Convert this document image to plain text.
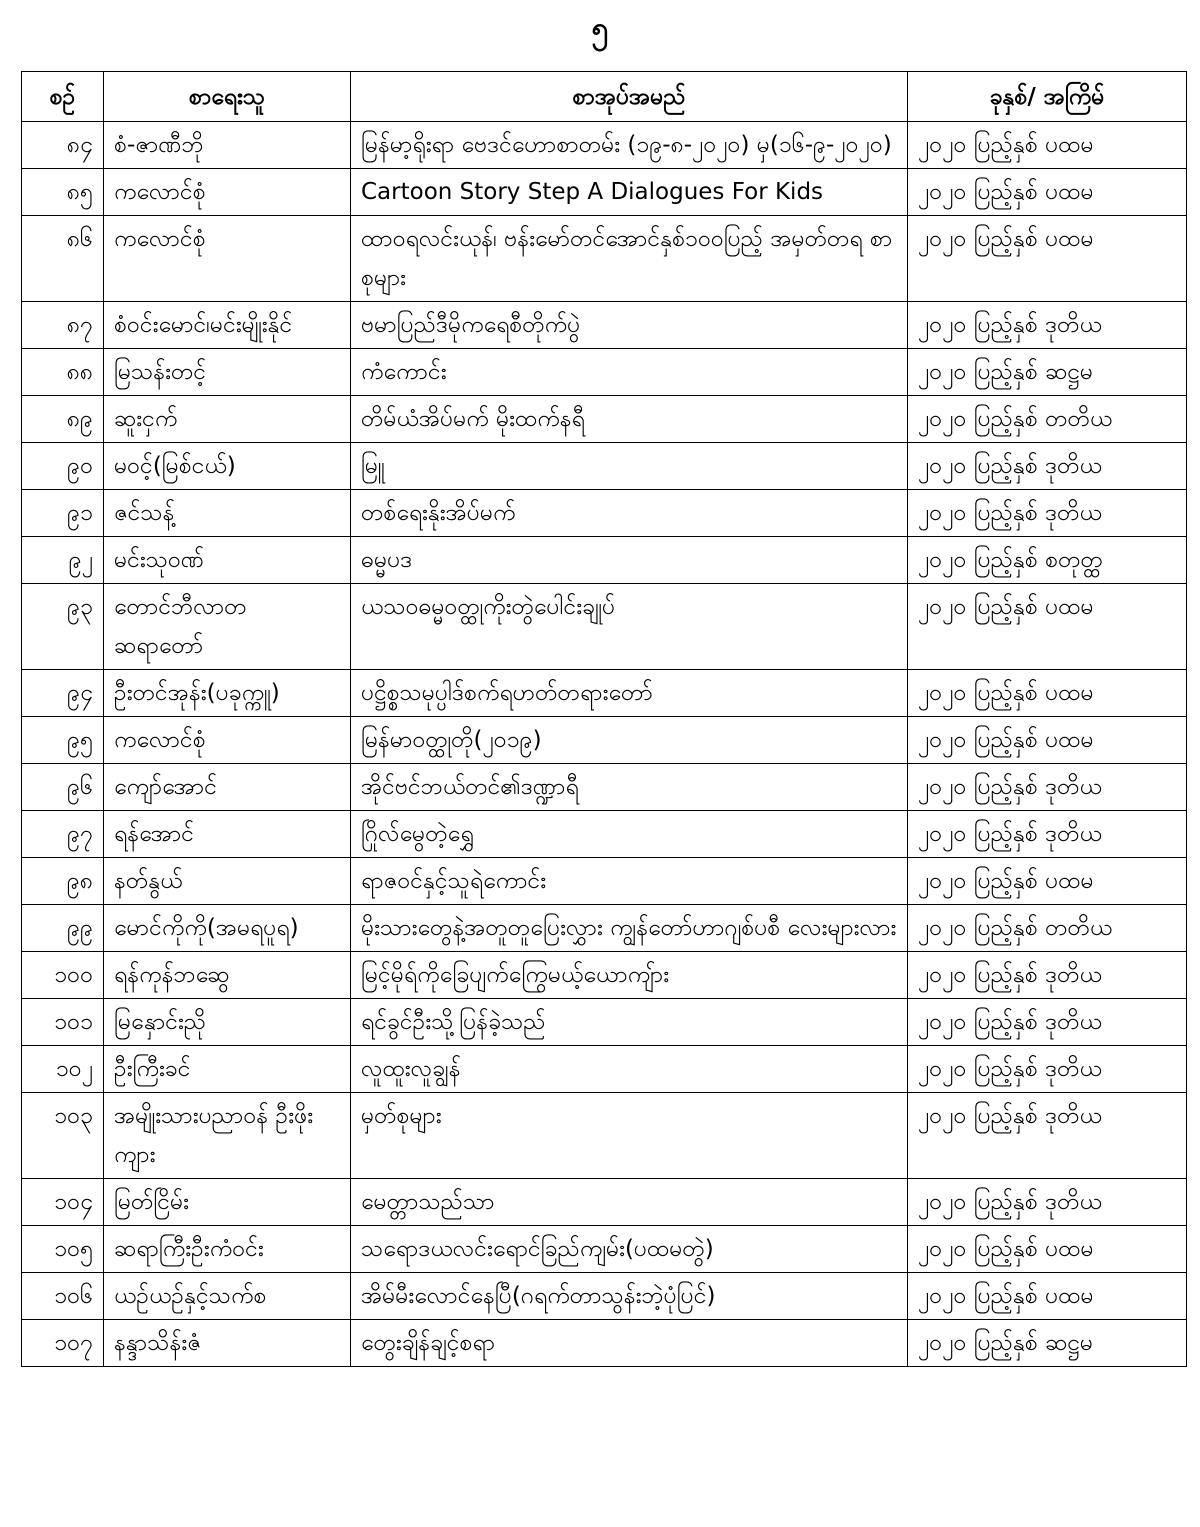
၅
စဉ်	စာရေးသူ	စာအုပ်အမည်	ခုနှစ်/ အကြိမ်
၈၄	စံ-ဇာဏီဘို	မြန်မာ့ရိုးရာ ဗေဒင်ဟောစာတမ်း (၁၉-၈-၂၀၂၀) မှ(၁၆-၉-၂၀၂၀)	၂၀၂၀ ပြည့်နှစ် ပထမ
၈၅	ကလောင်စုံ	Cartoon Story Step A Dialogues For Kids	၂၀၂၀ ပြည့်နှစ် ပထမ
၈၆	ကလောင်စုံ	ထာဝရလင်းယုန်၊ ဗန်းမော်တင်အောင်နှစ်၁၀၀ပြည့် အမှတ်တရ စာစုများ	၂၀၂၀ ပြည့်နှစ် ပထမ
၈၇	စံဝင်းမောင်၊မင်းမျိုးနိုင်	ဗမာပြည်ဒီမိုကရေစီတိုက်ပွဲ	၂၀၂၀ ပြည့်နှစ် ဒုတိယ
၈၈	မြသန်းတင့်	ကံကောင်း	၂၀၂၀ ပြည့်နှစ် ဆဋ္ဌမ
၈၉	ဆူးငှက်	တိမ်ယံအိပ်မက် မိုးထက်နရီ	၂၀၂၀ ပြည့်နှစ် တတိယ
၉၀	မဝင့်(မြစ်ငယ်)	မြူ	၂၀၂၀ ပြည့်နှစ် ဒုတိယ
၉၁	ဇင်သန့်	တစ်ရေးနိုးအိပ်မက်	၂၀၂၀ ပြည့်နှစ် ဒုတိယ
၉၂	မင်းသုဝဏ်	ဓမ္မပဒ	၂၀၂၀ ပြည့်နှစ် စတုတ္ထ
၉၃	တောင်ဘီလာတ ဆရာတော်	ယသဝဓမ္မဝတ္ထုကိုးတွဲပေါင်းချုပ်	၂၀၂၀ ပြည့်နှစ် ပထမ
၉၄	ဦးတင်အုန်း(ပခုက္ကူ)	ပဋ္ဌိစ္စသမုပ္ပါဒ်စက်ရဟတ်တရားတော်	၂၀၂၀ ပြည့်နှစ် ပထမ
၉၅	ကလောင်စုံ	မြန်မာဝတ္ထုတို(၂၀၁၉)	၂၀၂၀ ပြည့်နှစ် ပထမ
၉၆	ကျော်အောင်	အိုင်ဗင်ဘယ်တင်၏ဒဏ္ဍာရီ	၂၀၂၀ ပြည့်နှစ် ဒုတိယ
၉၇	ရန်အောင်	ဂြိုလ်မွေတဲ့ရွှေ	၂၀၂၀ ပြည့်နှစ် ဒုတိယ
၉၈	နတ်နွယ်	ရာဇဝင်နှင့်သူရဲကောင်း	၂၀၂၀ ပြည့်နှစ် ပထမ
၉၉	မောင်ကိုကို(အမရပူရ)	မိုးသားတွေနဲ့အတူတူပြေးလွှား ကျွန်တော်ဟာဂျစ်ပစီ လေးများလား	၂၀၂၀ ပြည့်နှစ် တတိယ
၁၀၀	ရန်ကုန်ဘဆွေ	မြင့်မိုရ်ကိုခြေပျက်ကြွေမယ့်ယောကျ်ား	၂၀၂၀ ပြည့်နှစ် ဒုတိယ
၁၀၁	မြနှောင်းညို	ရင်ခွင်ဦးသို့ပြန်ခဲ့သည်	၂၀၂၀ ပြည့်နှစ် ဒုတိယ
၁၀၂	ဦးကြီးခင်	လူထူးလူချွန်	၂၀၂၀ ပြည့်နှစ် ဒုတိယ
၁၀၃	အမျိုးသားပညာဝန် ဦးဖိုးကျား	မှတ်စုများ	၂၀၂၀ ပြည့်နှစ် ဒုတိယ
၁၀၄	မြတ်ငြိမ်း	မေတ္တာသည်သာ	၂၀၂၀ ပြည့်နှစ် ဒုတိယ
၁၀၅	ဆရာကြီးဦးကံဝင်း	သရောဒယလင်းရောင်ခြည်ကျမ်း(ပထမတွဲ)	၂၀၂၀ ပြည့်နှစ် ပထမ
၁၀၆	ယဉ်ယဉ်နှင့်သက်စ	အိမ်မီးလောင်နေပြီ(ဂရက်တာသွန်းဘဲ့ပုံပြင်)	၂၀၂၀ ပြည့်နှစ် ပထမ
၁၀၇	နန္ဒာသိန်းဇံ	တွေးချိန်ချင့်စရာ	၂၀၂၀ ပြည့်နှစ် ဆဋ္ဌမ
